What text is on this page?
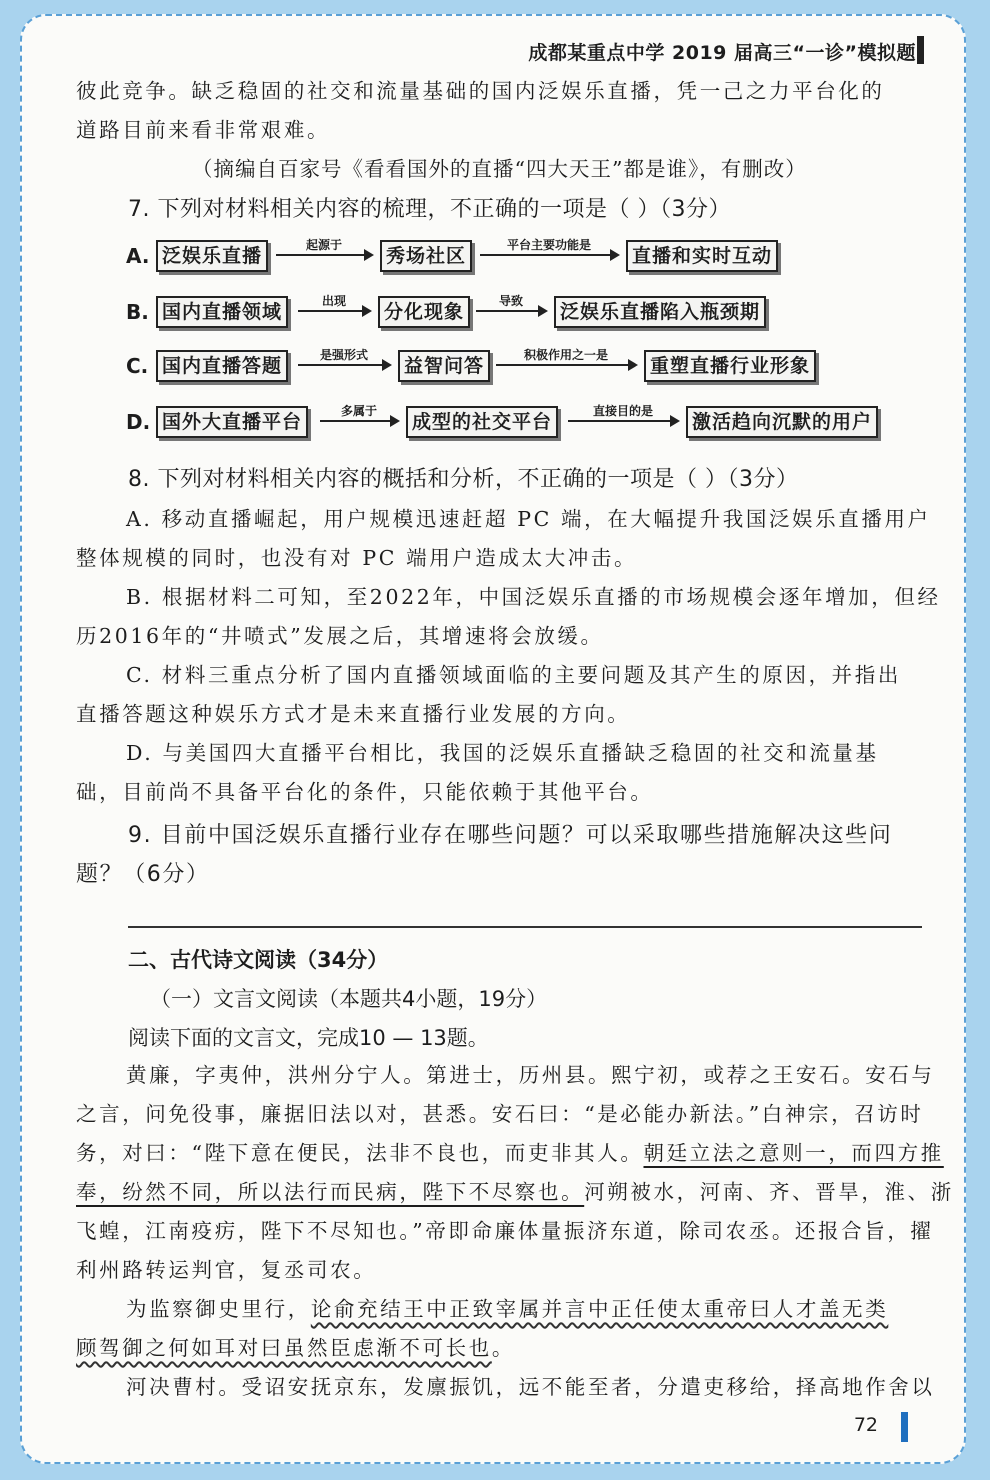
成都某重点中学 2019 届高三“一诊”模拟题

彼此竞争。缺乏稳固的社交和流量基础的国内泛娱乐直播，凭一己之力平台化的

道路目前来看非常艰难。

（摘编自百家号《看看国外的直播“四大天王”都是谁》，有删改）
7. 下列对材料相关内容的梳理，不正确的一项是（ ）（3分）
A. 泛娱乐直播	起源于	秀场社区	平台主要功能是	直播和实时互动
B. 国内直播领域	出现	分化现象	导致	泛娱乐直播陷入瓶颈期
C. 国内直播答题	是强形式	益智问答	积极作用之一是	重塑直播行业形象
D. 国外大直播平台	多属于	成型的社交平台	直接目的是	激活趋向沉默的用户
8. 下列对材料相关内容的概括和分析，不正确的一项是（ ）（3分）

A. 移动直播崛起，用户规模迅速赶超 PC 端，在大幅提升我国泛娱乐直播用户

整体规模的同时，也没有对 PC 端用户造成太大冲击。

B. 根据材料二可知，至2022年，中国泛娱乐直播的市场规模会逐年增加，但经

历2016年的“井喷式”发展之后，其增速将会放缓。

C. 材料三重点分析了国内直播领域面临的主要问题及其产生的原因，并指出

直播答题这种娱乐方式才是未来直播行业发展的方向。

D. 与美国四大直播平台相比，我国的泛娱乐直播缺乏稳固的社交和流量基

础，目前尚不具备平台化的条件，只能依赖于其他平台。

9. 目前中国泛娱乐直播行业存在哪些问题？可以采取哪些措施解决这些问

题？（6分）

二、古代诗文阅读（34分）
（一）文言文阅读（本题共4小题，19分）
阅读下面的文言文，完成10 — 13题。

黄廉，字夷仲，洪州分宁人。第进士，历州县。熙宁初，或荐之王安石。安石与

之言，问免役事，廉据旧法以对，甚悉。安石曰：“是必能办新法。”白神宗，召访时

务，对曰：“陛下意在便民，法非不良也，而吏非其人。朝廷立法之意则一，而四方推

奉，纷然不同，所以法行而民病，陛下不尽察也。河朔被水，河南、齐、晋旱，淮、浙

飞蝗，江南疫疠，陛下不尽知也。”帝即命廉体量振济东道，除司农丞。还报合旨，擢

利州路转运判官，复丞司农。

为监察御史里行，论俞充结王中正致宰属并言中正任使太重帝曰人才盖无类

顾驾御之何如耳对曰虽然臣虑渐不可长也。

河决曹村。受诏安抚京东，发廪振饥，远不能至者，分遣吏移给，择高地作舍以

72
